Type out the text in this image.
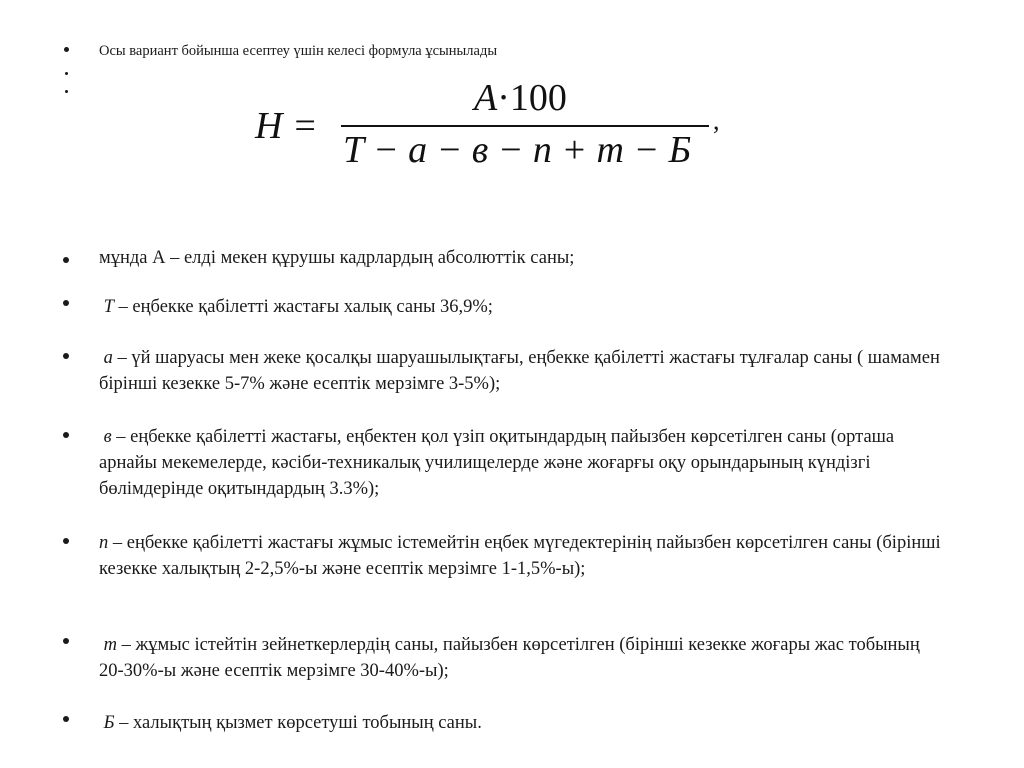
Осы вариант бойынша есептеу үшін келесі формула ұсынылады
H =
A·100
T − a − в − n + m − Б
,
мұнда А – елді мекен құрушы кадрлардың абсолюттік саны;
T – еңбекке қабілетті жастағы халық саны 36,9%;
a – үй шаруасы мен жеке қосалқы шаруашылықтағы, еңбекке қабілетті жастағы тұлғалар саны ( шамамен бірінші кезекке 5-7% және есептік мерзімге 3-5%);
в – еңбекке қабілетті жастағы, еңбектен қол үзіп оқитындардың пайызбен көрсетілген саны (орташа арнайы мекемелерде, кәсіби-техникалық училищелерде және жоғарғы оқу орындарының күндізгі бөлімдерінде оқитындардың 3.3%);
n – еңбекке қабілетті жастағы жұмыс істемейтін еңбек мүгедектерінің пайызбен көрсетілген саны (бірінші кезекке халықтың 2-2,5%-ы және есептік мерзімге 1-1,5%-ы);
m – жұмыс істейтін зейнеткерлердің саны, пайызбен көрсетілген (бірінші кезекке жоғары жас тобының 20-30%-ы және есептік мерзімге 30-40%-ы);
Б – халықтың қызмет көрсетуші тобының саны.
